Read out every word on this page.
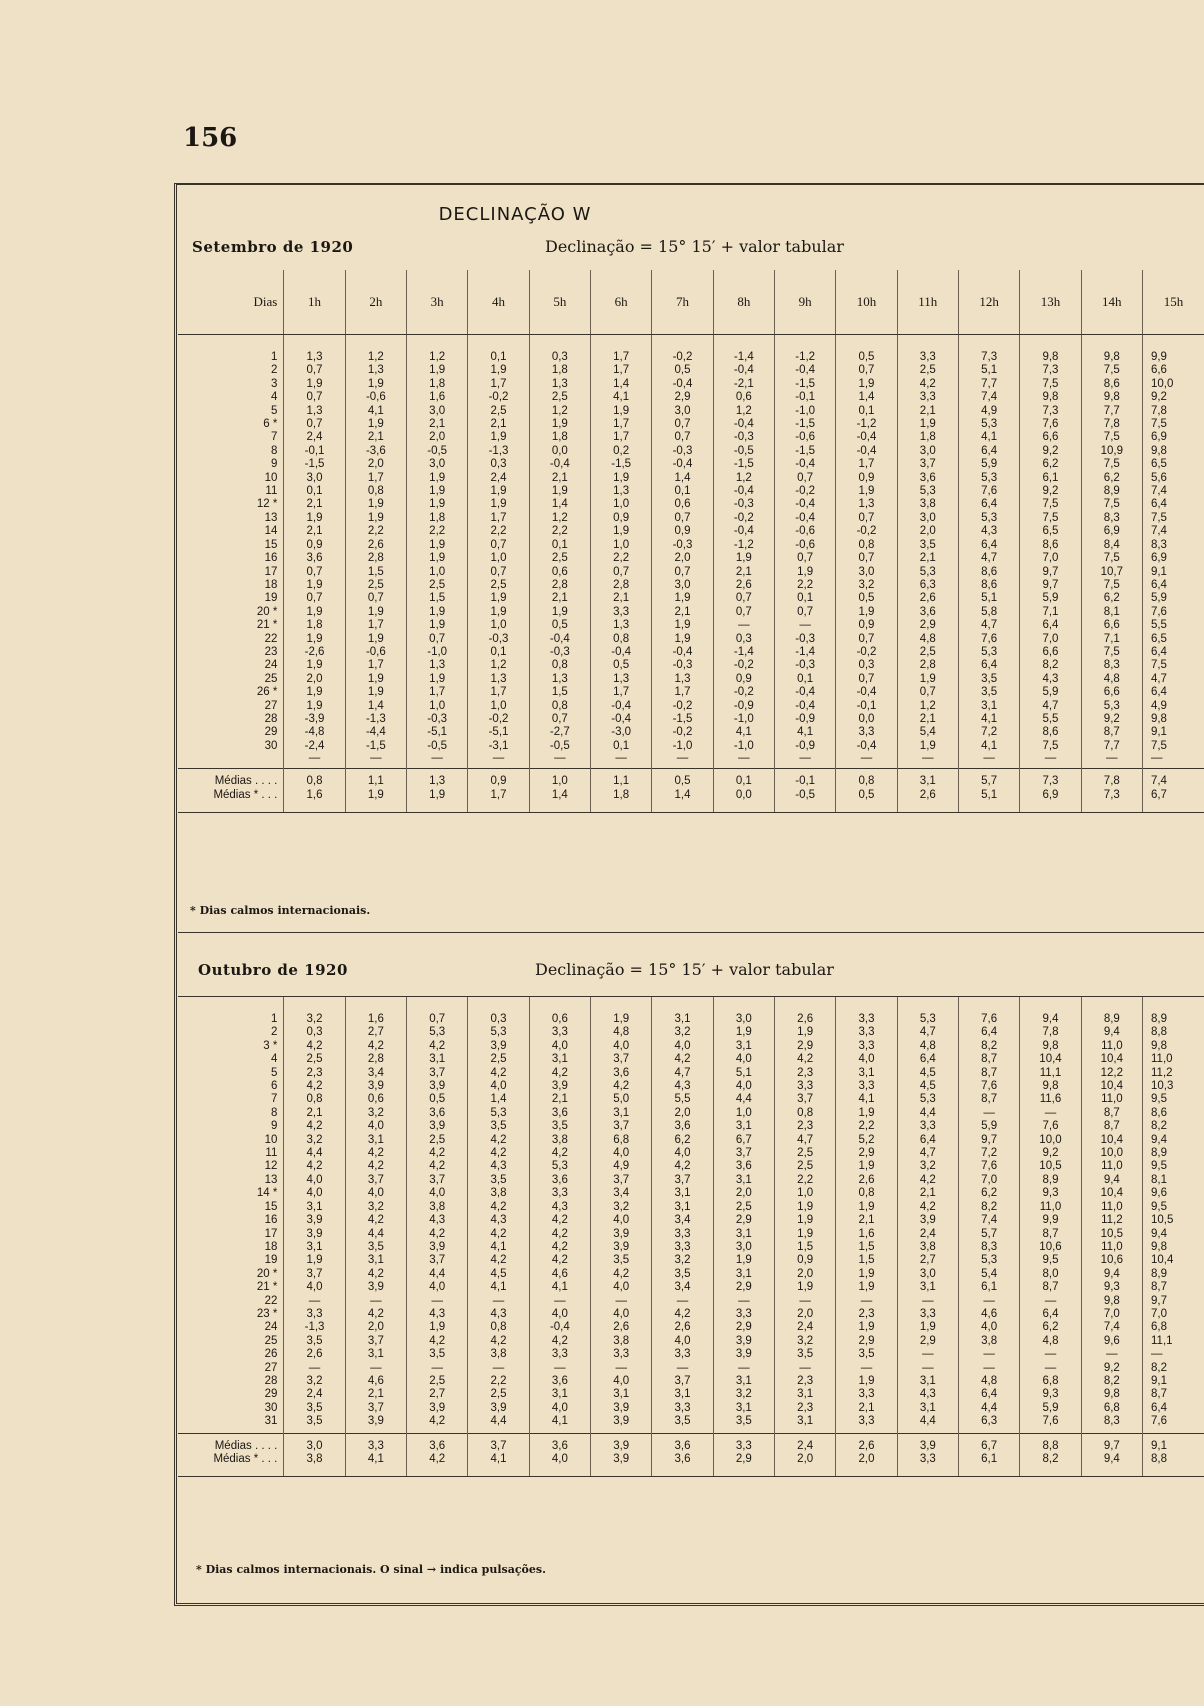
156
DECLINAÇÃO W
Setembro de 1920	Declinação = 15° 15′ + valor tabular
Dias	1h	2h	3h	4h	5h	6h	7h	8h	9h	10h	11h	12h	13h	14h	15h
1	1,3	1,2	1,2	0,1	0,3	1,7	-0,2	-1,4	-1,2	0,5	3,3	7,3	9,8	9,8	9,9
2	0,7	1,3	1,9	1,9	1,8	1,7	0,5	-0,4	-0,4	0,7	2,5	5,1	7,3	7,5	6,6
3	1,9	1,9	1,8	1,7	1,3	1,4	-0,4	-2,1	-1,5	1,9	4,2	7,7	7,5	8,6	10,0
4	0,7	-0,6	1,6	-0,2	2,5	4,1	2,9	0,6	-0,1	1,4	3,3	7,4	9,8	9,8	9,2
5	1,3	4,1	3,0	2,5	1,2	1,9	3,0	1,2	-1,0	0,1	2,1	4,9	7,3	7,7	7,8
6 *	0,7	1,9	2,1	2,1	1,9	1,7	0,7	-0,4	-1,5	-1,2	1,9	5,3	7,6	7,8	7,5
7	2,4	2,1	2,0	1,9	1,8	1,7	0,7	-0,3	-0,6	-0,4	1,8	4,1	6,6	7,5	6,9
8	-0,1	-3,6	-0,5	-1,3	0,0	0,2	-0,3	-0,5	-1,5	-0,4	3,0	6,4	9,2	10,9	9,8
9	-1,5	2,0	3,0	0,3	-0,4	-1,5	-0,4	-1,5	-0,4	1,7	3,7	5,9	6,2	7,5	6,5
10	3,0	1,7	1,9	2,4	2,1	1,9	1,4	1,2	0,7	0,9	3,6	5,3	6,1	6,2	5,6
11	0,1	0,8	1,9	1,9	1,9	1,3	0,1	-0,4	-0,2	1,9	5,3	7,6	9,2	8,9	7,4
12 *	2,1	1,9	1,9	1,9	1,4	1,0	0,6	-0,3	-0,4	1,3	3,8	6,4	7,5	7,5	6,4
13	1,9	1,9	1,8	1,7	1,2	0,9	0,7	-0,2	-0,4	0,7	3,0	5,3	7,5	8,3	7,5
14	2,1	2,2	2,2	2,2	2,2	1,9	0,9	-0,4	-0,6	-0,2	2,0	4,3	6,5	6,9	7,4
15	0,9	2,6	1,9	0,7	0,1	1,0	-0,3	-1,2	-0,6	0,8	3,5	6,4	8,6	8,4	8,3
16	3,6	2,8	1,9	1,0	2,5	2,2	2,0	1,9	0,7	0,7	2,1	4,7	7,0	7,5	6,9
17	0,7	1,5	1,0	0,7	0,6	0,7	0,7	2,1	1,9	3,0	5,3	8,6	9,7	10,7	9,1
18	1,9	2,5	2,5	2,5	2,8	2,8	3,0	2,6	2,2	3,2	6,3	8,6	9,7	7,5	6,4
19	0,7	0,7	1,5	1,9	2,1	2,1	1,9	0,7	0,1	0,5	2,6	5,1	5,9	6,2	5,9
20 *	1,9	1,9	1,9	1,9	1,9	3,3	2,1	0,7	0,7	1,9	3,6	5,8	7,1	8,1	7,6
21 *	1,8	1,7	1,9	1,0	0,5	1,3	1,9	—	—	0,9	2,9	4,7	6,4	6,6	5,5
22	1,9	1,9	0,7	-0,3	-0,4	0,8	1,9	0,3	-0,3	0,7	4,8	7,6	7,0	7,1	6,5
23	-2,6	-0,6	-1,0	0,1	-0,3	-0,4	-0,4	-1,4	-1,4	-0,2	2,5	5,3	6,6	7,5	6,4
24	1,9	1,7	1,3	1,2	0,8	0,5	-0,3	-0,2	-0,3	0,3	2,8	6,4	8,2	8,3	7,5
25	2,0	1,9	1,9	1,3	1,3	1,3	1,3	0,9	0,1	0,7	1,9	3,5	4,3	4,8	4,7
26 *	1,9	1,9	1,7	1,7	1,5	1,7	1,7	-0,2	-0,4	-0,4	0,7	3,5	5,9	6,6	6,4
27	1,9	1,4	1,0	1,0	0,8	-0,4	-0,2	-0,9	-0,4	-0,1	1,2	3,1	4,7	5,3	4,9
28	-3,9	-1,3	-0,3	-0,2	0,7	-0,4	-1,5	-1,0	-0,9	0,0	2,1	4,1	5,5	9,2	9,8
29	-4,8	-4,4	-5,1	-5,1	-2,7	-3,0	-0,2	4,1	4,1	3,3	5,4	7,2	8,6	8,7	9,1
30	-2,4	-1,5	-0,5	-3,1	-0,5	0,1	-1,0	-1,0	-0,9	-0,4	1,9	4,1	7,5	7,7	7,5
	—	—	—	—	—	—	—	—	—	—	—	—	—	—	—
Médias . . . .	0,8	1,1	1,3	0,9	1,0	1,1	0,5	0,1	-0,1	0,8	3,1	5,7	7,3	7,8	7,4
Médias * . . .	1,6	1,9	1,9	1,7	1,4	1,8	1,4	0,0	-0,5	0,5	2,6	5,1	6,9	7,3	6,7
* Dias calmos internacionais.
Outubro de 1920	Declinação = 15° 15′ + valor tabular
1	3,2	1,6	0,7	0,3	0,6	1,9	3,1	3,0	2,6	3,3	5,3	7,6	9,4	8,9	8,9
2	0,3	2,7	5,3	5,3	3,3	4,8	3,2	1,9	1,9	3,3	4,7	6,4	7,8	9,4	8,8
3 *	4,2	4,2	4,2	3,9	4,0	4,0	4,0	3,1	2,9	3,3	4,8	8,2	9,8	11,0	9,8
4	2,5	2,8	3,1	2,5	3,1	3,7	4,2	4,0	4,2	4,0	6,4	8,7	10,4	10,4	11,0
5	2,3	3,4	3,7	4,2	4,2	3,6	4,7	5,1	2,3	3,1	4,5	8,7	11,1	12,2	11,2
6	4,2	3,9	3,9	4,0	3,9	4,2	4,3	4,0	3,3	3,3	4,5	7,6	9,8	10,4	10,3
7	0,8	0,6	0,5	1,4	2,1	5,0	5,5	4,4	3,7	4,1	5,3	8,7	11,6	11,0	9,5
8	2,1	3,2	3,6	5,3	3,6	3,1	2,0	1,0	0,8	1,9	4,4	—	—	8,7	8,6
9	4,2	4,0	3,9	3,5	3,5	3,7	3,6	3,1	2,3	2,2	3,3	5,9	7,6	8,7	8,2
10	3,2	3,1	2,5	4,2	3,8	6,8	6,2	6,7	4,7	5,2	6,4	9,7	10,0	10,4	9,4
11	4,4	4,2	4,2	4,2	4,2	4,0	4,0	3,7	2,5	2,9	4,7	7,2	9,2	10,0	8,9
12	4,2	4,2	4,2	4,3	5,3	4,9	4,2	3,6	2,5	1,9	3,2	7,6	10,5	11,0	9,5
13	4,0	3,7	3,7	3,5	3,6	3,7	3,7	3,1	2,2	2,6	4,2	7,0	8,9	9,4	8,1
14 *	4,0	4,0	4,0	3,8	3,3	3,4	3,1	2,0	1,0	0,8	2,1	6,2	9,3	10,4	9,6
15	3,1	3,2	3,8	4,2	4,3	3,2	3,1	2,5	1,9	1,9	4,2	8,2	11,0	11,0	9,5
16	3,9	4,2	4,3	4,3	4,2	4,0	3,4	2,9	1,9	2,1	3,9	7,4	9,9	11,2	10,5
17	3,9	4,4	4,2	4,2	4,2	3,9	3,3	3,1	1,9	1,6	2,4	5,7	8,7	10,5	9,4
18	3,1	3,5	3,9	4,1	4,2	3,9	3,3	3,0	1,5	1,5	3,8	8,3	10,6	11,0	9,8
19	1,9	3,1	3,7	4,2	4,2	3,5	3,2	1,9	0,9	1,5	2,7	5,3	9,5	10,6	10,4
20 *	3,7	4,2	4,4	4,5	4,6	4,2	3,5	3,1	2,0	1,9	3,0	5,4	8,0	9,4	8,9
21 *	4,0	3,9	4,0	4,1	4,1	4,0	3,4	2,9	1,9	1,9	3,1	6,1	8,7	9,3	8,7
22	—	—	—	—	—	—	—	—	—	—	—	—	—	9,8	9,7
23 *	3,3	4,2	4,3	4,3	4,0	4,0	4,2	3,3	2,0	2,3	3,3	4,6	6,4	7,0	7,0
24	-1,3	2,0	1,9	0,8	-0,4	2,6	2,6	2,9	2,4	1,9	1,9	4,0	6,2	7,4	6,8
25	3,5	3,7	4,2	4,2	4,2	3,8	4,0	3,9	3,2	2,9	2,9	3,8	4,8	9,6	11,1
26	2,6	3,1	3,5	3,8	3,3	3,3	3,3	3,9	3,5	3,5	—	—	—	—	—
27	—	—	—	—	—	—	—	—	—	—	—	—	—	9,2	8,2
28	3,2	4,6	2,5	2,2	3,6	4,0	3,7	3,1	2,3	1,9	3,1	4,8	6,8	8,2	9,1
29	2,4	2,1	2,7	2,5	3,1	3,1	3,1	3,2	3,1	3,3	4,3	6,4	9,3	9,8	8,7
30	3,5	3,7	3,9	3,9	4,0	3,9	3,3	3,1	2,3	2,1	3,1	4,4	5,9	6,8	6,4
31	3,5	3,9	4,2	4,4	4,1	3,9	3,5	3,5	3,1	3,3	4,4	6,3	7,6	8,3	7,6
Médias . . . .	3,0	3,3	3,6	3,7	3,6	3,9	3,6	3,3	2,4	2,6	3,9	6,7	8,8	9,7	9,1
Médias * . . .	3,8	4,1	4,2	4,1	4,0	3,9	3,6	2,9	2,0	2,0	3,3	6,1	8,2	9,4	8,8
* Dias calmos internacionais. O sinal → indica pulsações.
